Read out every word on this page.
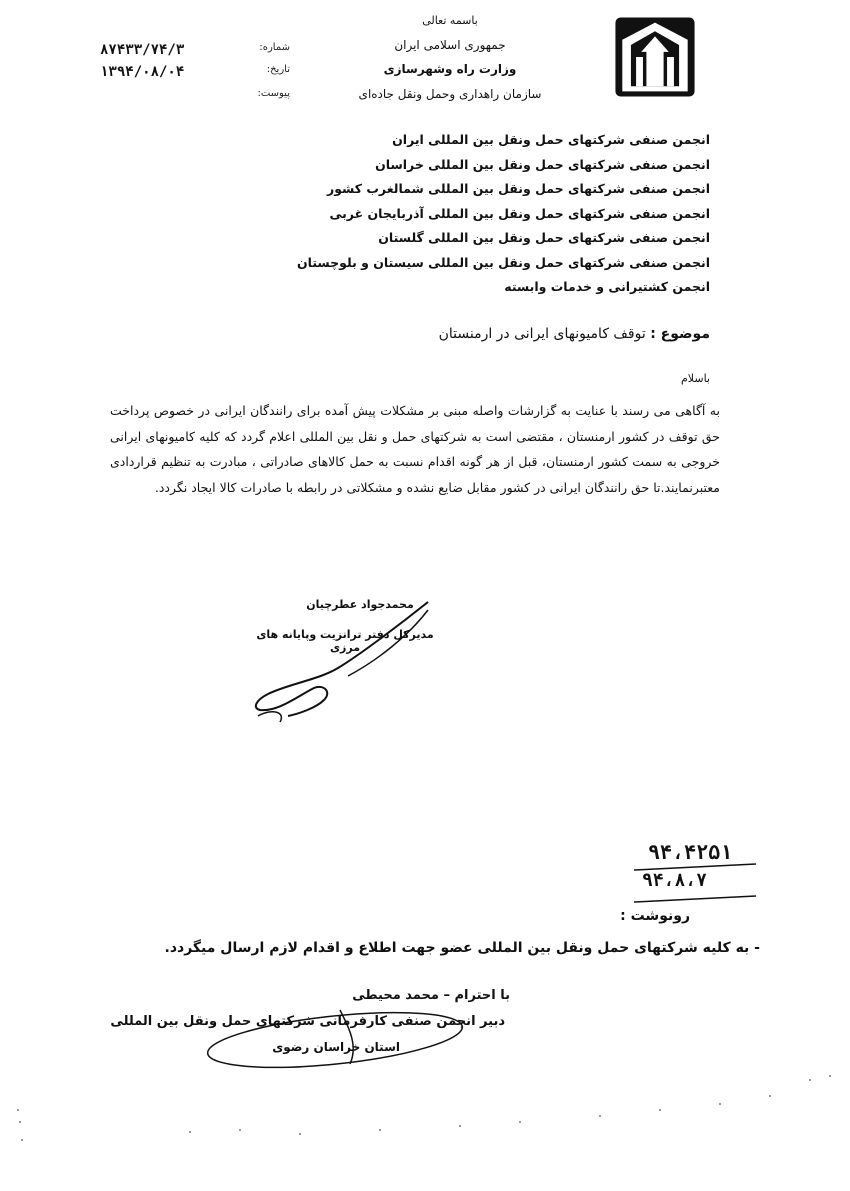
باسمه تعالی
جمهوری اسلامی ایران
وزارت راه وشهرسازی
سازمان راهداری وحمل ونقل جاده‌ای
۸۷۴۳۳/۷۴/۳	شماره:
۱۳۹۴/۰۸/۰۴	تاریخ:
پیوست:
انجمن صنفی شرکتهای حمل ونقل بین المللی ایران
انجمن صنفی شرکتهای حمل ونقل بین المللی خراسان
انجمن صنفی شرکتهای حمل ونقل بین المللی شمالغرب کشور
انجمن صنفی شرکتهای حمل ونقل بین المللی آذربایجان غربی
انجمن صنفی شرکتهای حمل ونقل بین المللی گلستان
انجمن صنفی شرکتهای حمل ونقل بین المللی سیستان و بلوچستان
انجمن کشتیرانی و خدمات وابسته
موضوع : توقف کامیونهای ایرانی در ارمنستان
باسلام
به آگاهی می رسند با عنایت به گزارشات واصله مبنی بر مشکلات پیش آمده برای رانندگان ایرانی در خصوص پرداخت حق توقف در کشور ارمنستان ، مقتضی است به شرکتهای حمل و نقل بین المللی اعلام گردد که کلیه کامیونهای ایرانی خروجی به سمت کشور ارمنستان، قبل از هر گونه اقدام نسبت به حمل کالاهای صادراتی ، مبادرت به تنظیم قراردادی معتبرنمایند.تا حق رانندگان ایرانی در کشور مقابل ضایع نشده و مشکلاتی در رابطه با صادرات کالا ایجاد نگردد.
محمدجواد عطرچیان
مدیرکل دفتر ترانزیت وپایانه های مرزی
۹۴،۴۲۵۱
۹۴،۸،۷
رونوشت :
- به کلیه شرکتهای حمل ونقل بین المللی عضو جهت اطلاع و اقدام لازم ارسال میگردد.
با احترام – محمد محیطی
دبیر انجمن صنفی کارفرمانی شرکتهای حمل ونقل بین المللی
استان خراسان رضوی
